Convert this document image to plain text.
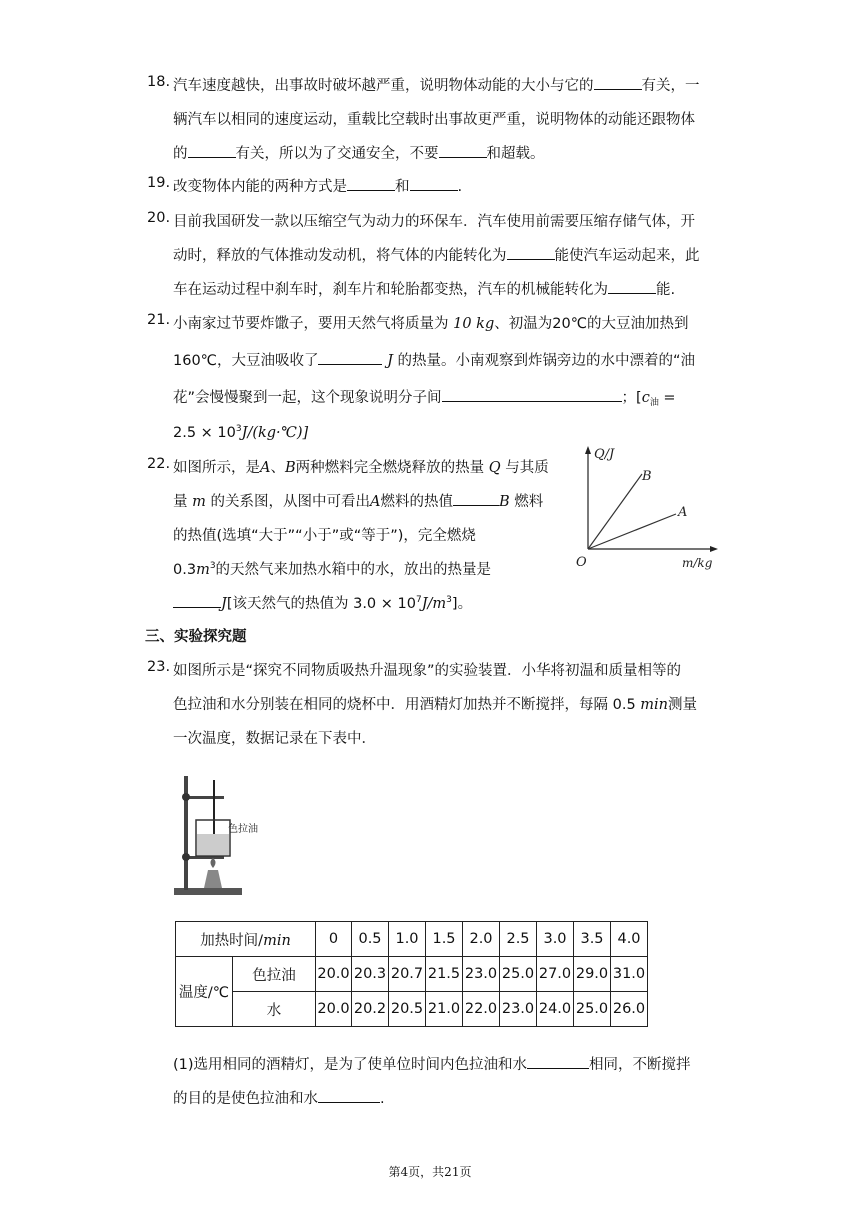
18. 汽车速度越快，出事故时破坏越严重，说明物体动能的大小与它的	有关，一
辆汽车以相同的速度运动，重载比空载时出事故更严重，说明物体的动能还跟物体
的	有关，所以为了交通安全，不要	和超载。
19. 改变物体内能的两种方式是	和	.
20. 目前我国研发一款以压缩空气为动力的环保车．汽车使用前需要压缩存储气体，开
动时，释放的气体推动发动机，将气体的内能转化为	能使汽车运动起来，此
车在运动过程中刹车时，刹车片和轮胎都变热，汽车的机械能转化为	能.
21. 小南家过节要炸馓子，要用天然气将质量为 10 kg、初温为20℃的大豆油加热到
160℃，大豆油吸收了	J 的热量。小南观察到炸锅旁边的水中漂着的“油
花”会慢慢聚到一起，这个现象说明分子间	；[$c_油$ =
$2.5 \times 10^3J/(kg\cdot℃)$]
22. 如图所示，是A、B两种燃料完全燃烧释放的热量 Q 与其质
量 m 的关系图，从图中可看出A燃料的热值	B 燃料
的热值(选填“大于”“小于”或“等于”)，完全燃烧
$0.3m^3$的天然气来加热水箱中的水，放出的热量是
J[该天然气的热值为 $3.0 \times 10^7J/m^3$]。
Q/J
m/kg
O
B
A
三、实验探究题
23. 如图所示是“探究不同物质吸热升温现象”的实验装置．小华将初温和质量相等的
色拉油和水分别装在相同的烧杯中．用酒精灯加热并不断搅拌，每隔 0.5 min测量
一次温度，数据记录在下表中．
色拉油
加热时间/min		0	0.5	1.0	1.5	2.0	2.5	3.0	3.5	4.0
温度/℃	色拉油	20.0	20.3	20.7	21.5	23.0	25.0	27.0	29.0	31.0
	水	20.0	20.2	20.5	21.0	22.0	23.0	24.0	25.0	26.0
(1)选用相同的酒精灯，是为了使单位时间内色拉油和水	相同，不断搅拌
的目的是使色拉油和水	.
第4页，共21页
